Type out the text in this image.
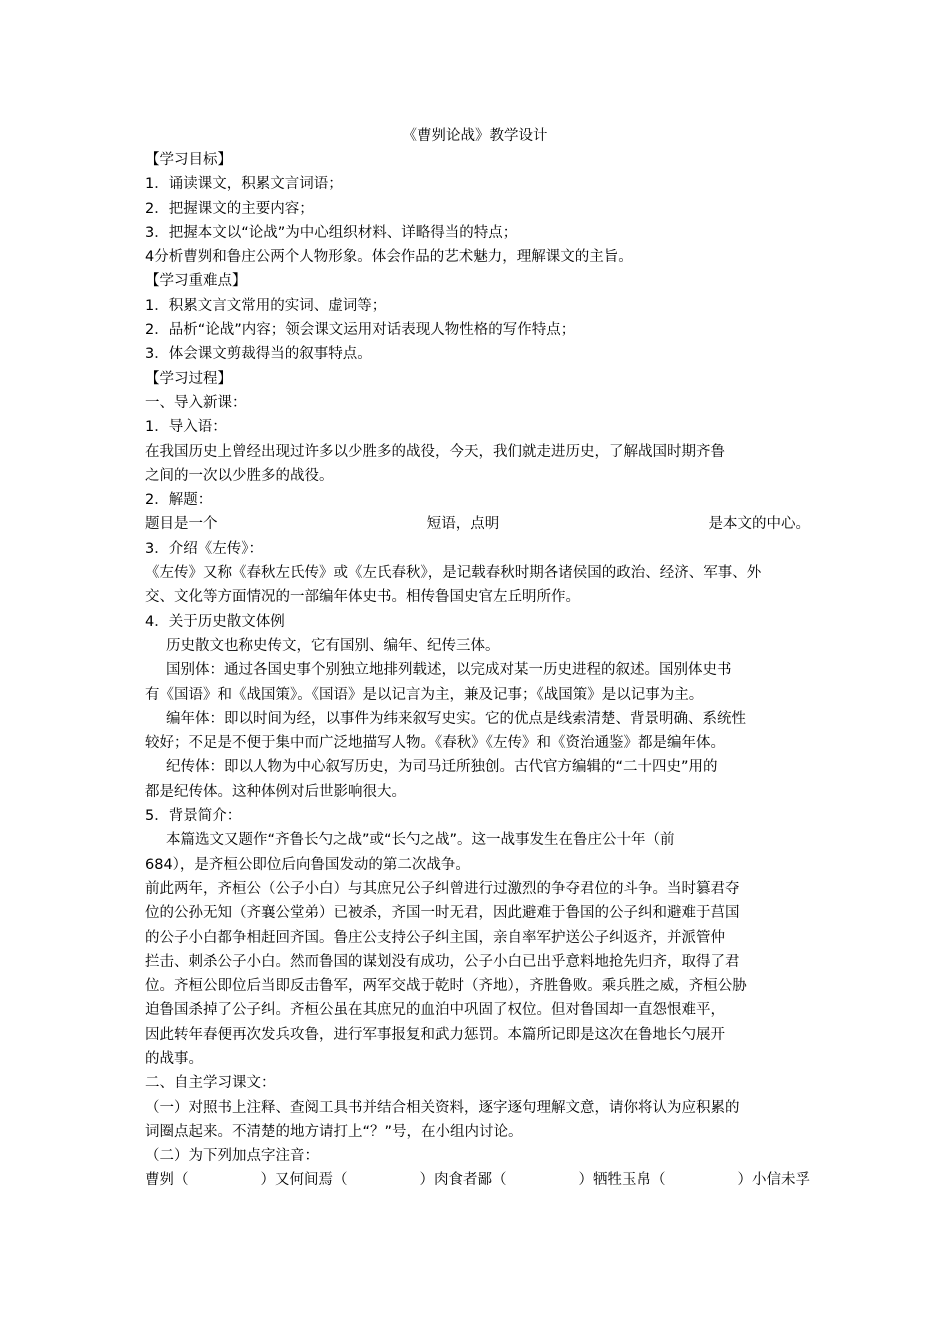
《曹刿论战》教学设计

【学习目标】

1．诵读课文，积累文言词语；

2．把握课文的主要内容；

3．把握本文以“论战”为中心组织材料、详略得当的特点；

4分析曹刿和鲁庄公两个人物形象。体会作品的艺术魅力，理解课文的主旨。

【学习重难点】

1．积累文言文常用的实词、虚词等；

2．品析“论战”内容；领会课文运用对话表现人物性格的写作特点；

3．体会课文剪裁得当的叙事特点。

【学习过程】

一、导入新课：

1．导入语：

在我国历史上曾经出现过许多以少胜多的战役，今天，我们就走进历史，了解战国时期齐鲁

之间的一次以少胜多的战役。

2．解题：

题目是一个	短语，点明	是本文的中心。

3．介绍《左传》：

《左传》又称《春秋左氏传》或《左氏春秋》，是记载春秋时期各诸侯国的政治、经济、军事、外

交、文化等方面情况的一部编年体史书。相传鲁国史官左丘明所作。

4．关于历史散文体例

历史散文也称史传文，它有国别、编年、纪传三体。

国别体：通过各国史事个别独立地排列载述，以完成对某一历史进程的叙述。国别体史书

有《国语》和《战国策》。《国语》是以记言为主，兼及记事；《战国策》是以记事为主。

编年体：即以时间为经，以事件为纬来叙写史实。它的优点是线索清楚、背景明确、系统性

较好；不足是不便于集中而广泛地描写人物。《春秋》《左传》和《资治通鉴》都是编年体。

纪传体：即以人物为中心叙写历史，为司马迁所独创。古代官方编辑的“二十四史”用的

都是纪传体。这种体例对后世影响很大。

5．背景简介：

本篇选文又题作“齐鲁长勺之战”或“长勺之战”。这一战事发生在鲁庄公十年（前

684），是齐桓公即位后向鲁国发动的第二次战争。

前此两年，齐桓公（公子小白）与其庶兄公子纠曾进行过激烈的争夺君位的斗争。当时篡君夺

位的公孙无知（齐襄公堂弟）已被杀，齐国一时无君，因此避难于鲁国的公子纠和避难于莒国

的公子小白都争相赶回齐国。鲁庄公支持公子纠主国，亲自率军护送公子纠返齐，并派管仲

拦击、刺杀公子小白。然而鲁国的谋划没有成功，公子小白已出乎意料地抢先归齐，取得了君

位。齐桓公即位后当即反击鲁军，两军交战于乾时（齐地），齐胜鲁败。乘兵胜之威，齐桓公胁

迫鲁国杀掉了公子纠。齐桓公虽在其庶兄的血泊中巩固了权位。但对鲁国却一直怨恨难平，

因此转年春便再次发兵攻鲁，进行军事报复和武力惩罚。本篇所记即是这次在鲁地长勺展开

的战事。

二、自主学习课文：

（一）对照书上注释、查阅工具书并结合相关资料，逐字逐句理解文意，请你将认为应积累的

词圈点起来。不清楚的地方请打上“？”号，在小组内讨论。

（二）为下列加点字注音：

曹刿（	）又何间焉（	）肉食者鄙（	）牺牲玉帛（	）小信未孚
